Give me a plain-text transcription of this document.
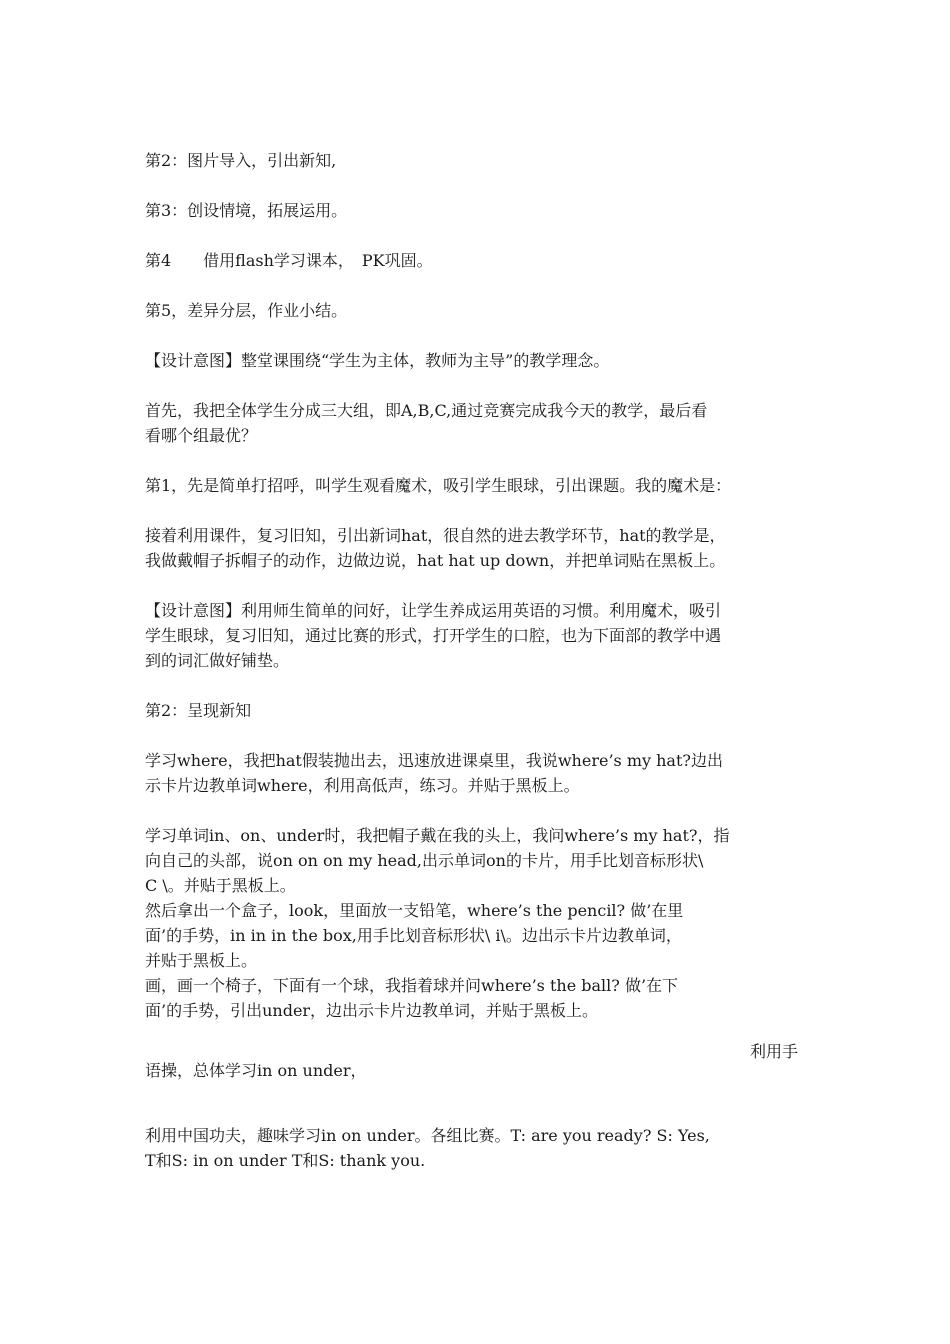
第2：图片导入，引出新知,
第3：创设情境，拓展运用。
第4　　借用flash学习课本，　PK巩固。
第5，差异分层，作业小结。
【设计意图】整堂课围绕“学生为主体，教师为主导”的教学理念。
首先，我把全体学生分成三大组，即A,B,C,通过竞赛完成我今天的教学，最后看
看哪个组最优？
第1，先是简单打招呼，叫学生观看魔术，吸引学生眼球，引出课题。我的魔术是：
接着利用课件，复习旧知，引出新词hat，很自然的进去教学环节，hat的教学是，
我做戴帽子拆帽子的动作，边做边说，hat hat up down，并把单词贴在黑板上。
【设计意图】利用师生简单的问好，让学生养成运用英语的习惯。利用魔术，吸引
学生眼球，复习旧知，通过比赛的形式，打开学生的口腔，也为下面部的教学中遇
到的词汇做好铺垫。
第2：呈现新知
学习where，我把hat假装抛出去，迅速放进课桌里，我说where’s my hat?边出
示卡片边教单词where，利用高低声，练习。并贴于黑板上。
学习单词in、on、under时，我把帽子戴在我的头上，我问where’s my hat?，指
向自己的头部，说on on on my head,出示单词on的卡片，用手比划音标形状\
C \。并贴于黑板上。
然后拿出一个盒子，look，里面放一支铅笔，where’s the pencil? 做’在里
面’的手势，in in in the box,用手比划音标形状\ i\。边出示卡片边教单词，
并贴于黑板上。
画，画一个椅子，下面有一个球，我指着球并问where’s the ball? 做’在下
面’的手势，引出under，边出示卡片边教单词，并贴于黑板上。
利用手
语操，总体学习in on under，
利用中国功夫，趣味学习in on under。各组比赛。T: are you ready? S: Yes,
T和S: in on under T和S: thank you.
